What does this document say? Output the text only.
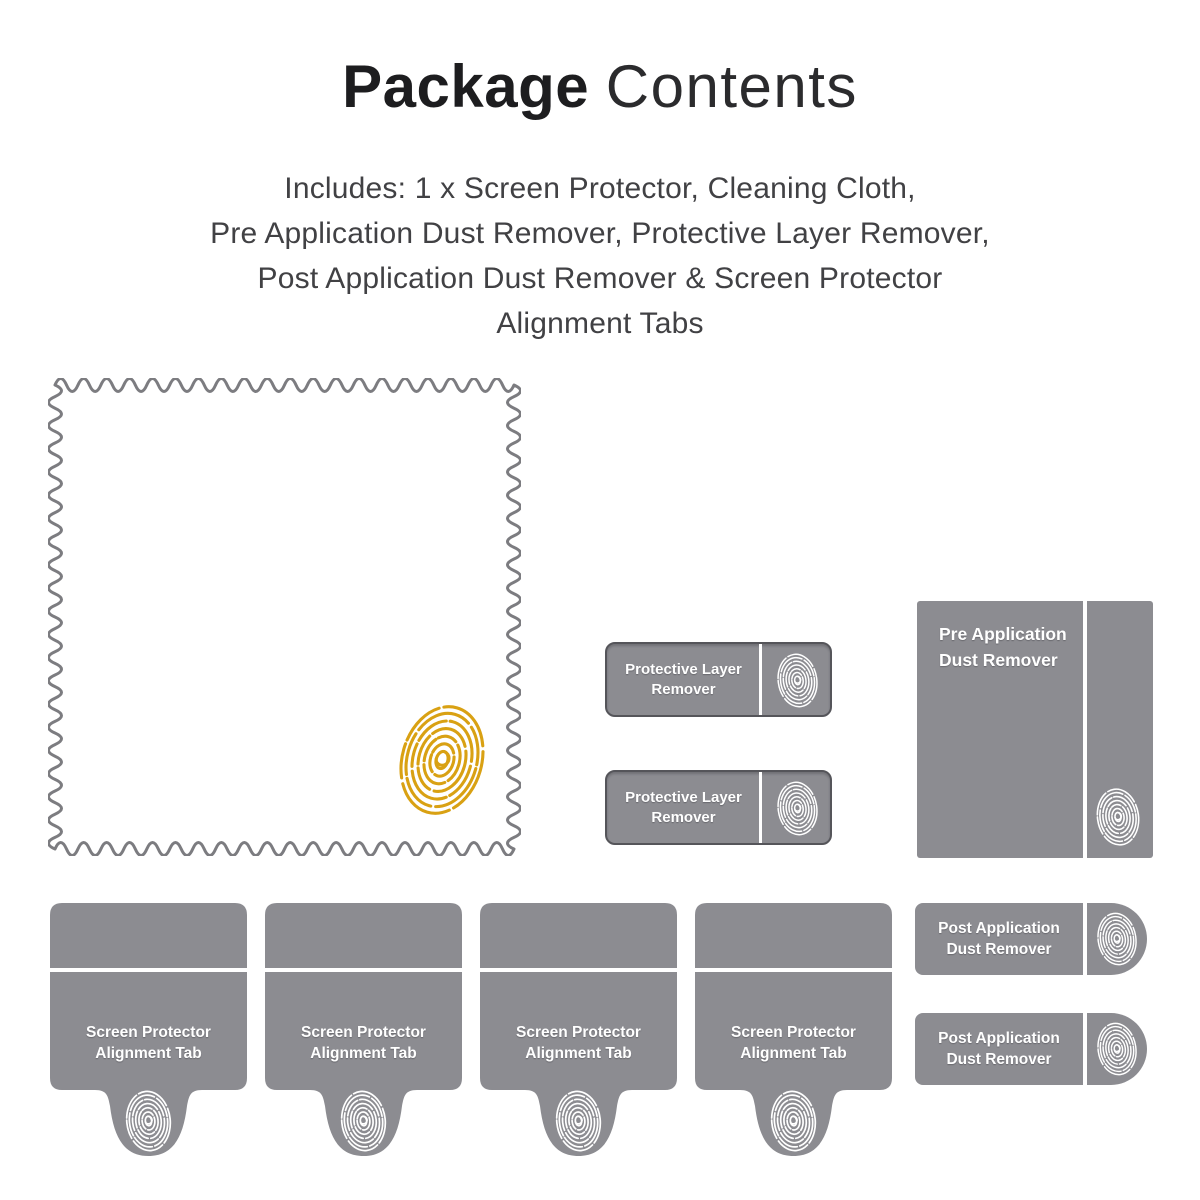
Package Contents

Includes: 1 x Screen Protector, Cleaning Cloth,
Pre Application Dust Remover, Protective Layer Remover,
Post Application Dust Remover & Screen Protector
Alignment Tabs

Protective Layer
Remover
Protective Layer
Remover
Pre Application
Dust Remover
Post Application
Dust Remover
Post Application
Dust Remover
Screen Protector
Alignment Tab
Screen Protector
Alignment Tab
Screen Protector
Alignment Tab
Screen Protector
Alignment Tab
